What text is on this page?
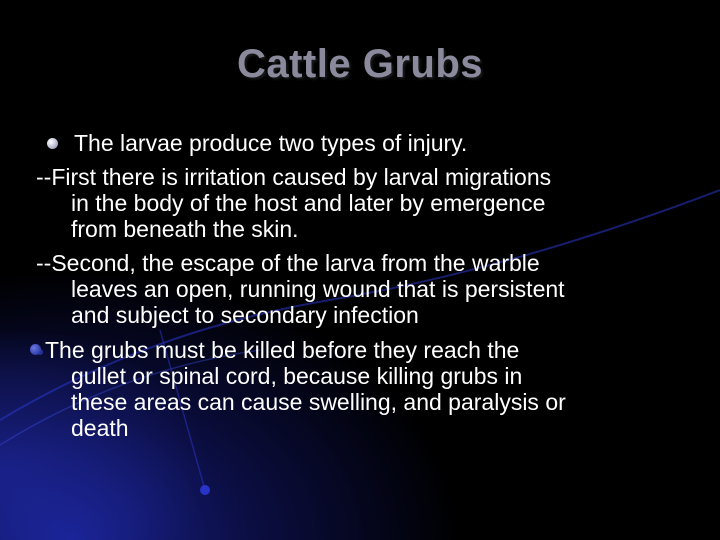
Cattle Grubs
The larvae produce two types of injury.
--First there is irritation caused by larval migrations
in the body of the host and later by emergence
from beneath the skin.
--Second, the escape of the larva from the warble
leaves an open, running wound that is persistent
and subject to secondary infection
The grubs must be killed before they reach the
gullet or spinal cord, because killing grubs in
these areas can cause swelling, and paralysis or
death
